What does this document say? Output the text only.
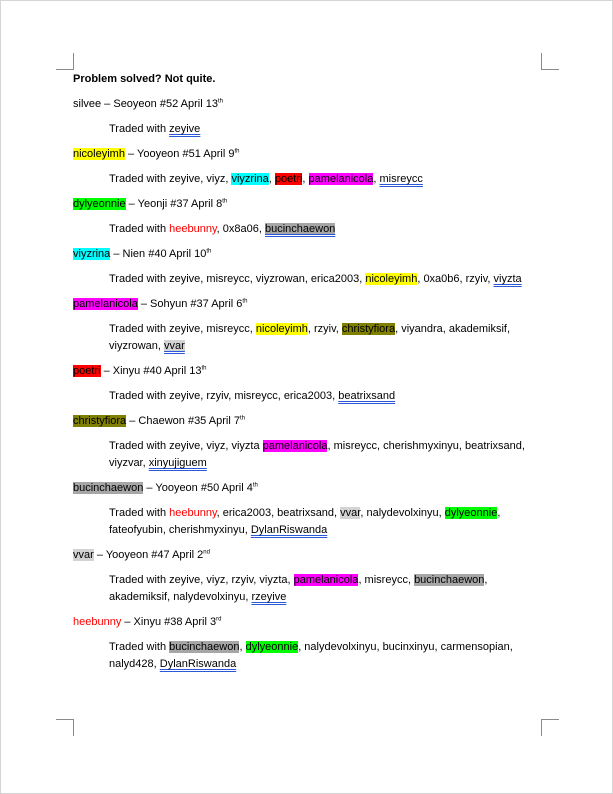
Problem solved? Not quite.
silvee – Seoyeon #52 April 13th
Traded with zeyive
nicoleyimh – Yooyeon #51 April 9th
Traded with zeyive, viyz, viyzrina, poetri, pamelanicola, misreycc
dylyeonnie – Yeonji #37 April 8th
Traded with heebunny, 0x8a06, bucinchaewon
viyzrina – Nien #40 April 10th
Traded with zeyive, misreycc, viyzrowan, erica2003, nicoleyimh, 0xa0b6, rzyiv, viyzta
pamelanicola – Sohyun #37 April 6th
Traded with zeyive, misreycc, nicoleyimh, rzyiv, christyfiora, viyandra, akademiksif, viyzrowan, vvar
poetri – Xinyu #40 April 13th
Traded with zeyive, rzyiv, misreycc, erica2003, beatrixsand
christyfiora – Chaewon #35 April 7th
Traded with zeyive, viyz, viyzta pamelanicola, misreycc, cherishmyxinyu, beatrixsand, viyzvar, xinyujiguem
bucinchaewon – Yooyeon #50 April 4th
Traded with heebunny, erica2003, beatrixsand, vvar, nalydevolxinyu, dylyeonnie, fateofyubin, cherishmyxinyu, DylanRiswanda
vvar – Yooyeon #47 April 2nd
Traded with zeyive, viyz, rzyiv, viyzta, pamelanicola, misreycc, bucinchaewon, akademiksif, nalydevolxinyu, rzeyive
heebunny – Xinyu #38 April 3rd
Traded with bucinchaewon, dylyeonnie, nalydevolxinyu, bucinxinyu, carmensopian, nalyd428, DylanRiswanda
